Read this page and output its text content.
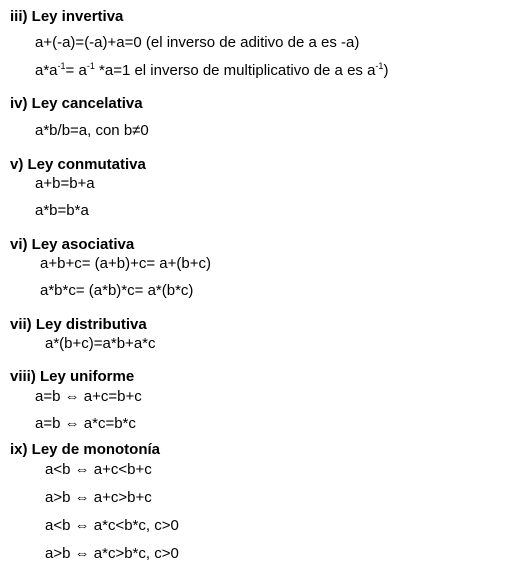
iii) Ley invertiva
a+(-a)=(-a)+a=0 (el inverso de aditivo de a es -a)
$a*a^{-1}= a^{-1}$ *a=1 el inverso de multiplicativo de a es $a^{-1}$)
iv) Ley cancelativa
a*b/b=a, con b≠0
v) Ley conmutativa
a+b=b+a
a*b=b*a
vi) Ley asociativa
a+b+c= (a+b)+c= a+(b+c)
a*b*c= (a*b)*c= a*(b*c)
vii) Ley distributiva
a*(b+c)=a*b+a*c
viii) Ley uniforme
a=b ⇔ a+c=b+c
a=b ⇔ a*c=b*c
ix) Ley de monotonía
a<b ⇔ a+c<b+c
a>b ⇔ a+c>b+c
a<b ⇔ a*c<b*c, c>0
a>b ⇔ a*c>b*c, c>0
